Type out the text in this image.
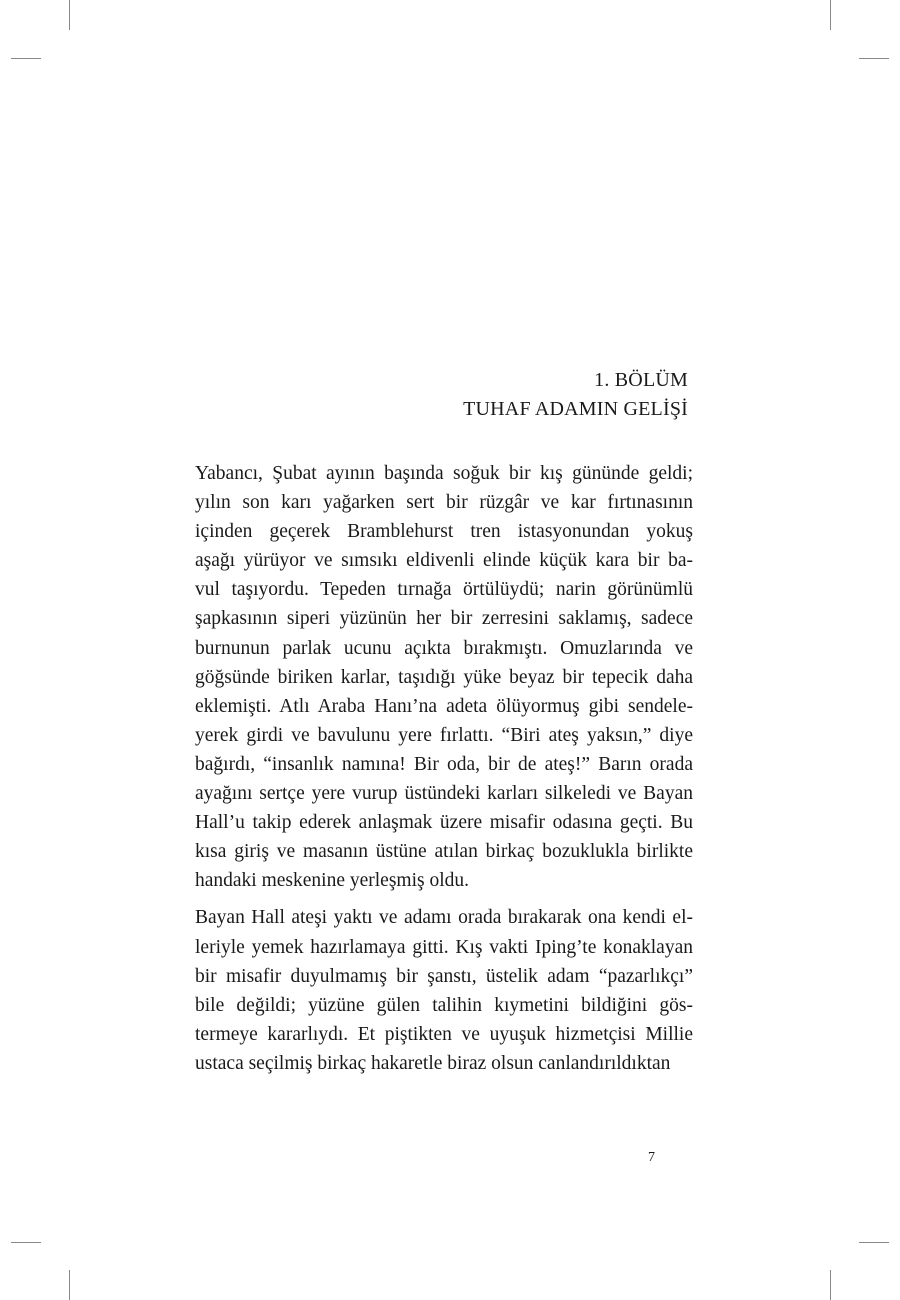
1. BÖLÜM
TUHAF ADAMIN GELİŞİ
Yabancı, Şubat ayının başında soğuk bir kış gününde geldi;
yılın son karı yağarken sert bir rüzgâr ve kar fırtınasının
içinden geçerek Bramblehurst tren istasyonundan yokuş
aşağı yürüyor ve sımsıkı eldivenli elinde küçük kara bir ba-
vul taşıyordu. Tepeden tırnağa örtülüydü; narin görünümlü
şapkasının siperi yüzünün her bir zerresini saklamış, sadece
burnunun parlak ucunu açıkta bırakmıştı. Omuzlarında ve
göğsünde biriken karlar, taşıdığı yüke beyaz bir tepecik daha
eklemişti. Atlı Araba Hanı’na adeta ölüyormuş gibi sendele-
yerek girdi ve bavulunu yere fırlattı. “Biri ateş yaksın,” diye
bağırdı, “insanlık namına! Bir oda, bir de ateş!” Barın orada
ayağını sertçe yere vurup üstündeki karları silkeledi ve Bayan
Hall’u takip ederek anlaşmak üzere misafir odasına geçti. Bu
kısa giriş ve masanın üstüne atılan birkaç bozuklukla birlikte
handaki meskenine yerleşmiş oldu.
Bayan Hall ateşi yaktı ve adamı orada bırakarak ona kendi el-
leriyle yemek hazırlamaya gitti. Kış vakti Iping’te konaklayan
bir misafir duyulmamış bir şanstı, üstelik adam “pazarlıkçı”
bile değildi; yüzüne gülen talihin kıymetini bildiğini gös-
termeye kararlıydı. Et piştikten ve uyuşuk hizmetçisi Millie
ustaca seçilmiş birkaç hakaretle biraz olsun canlandırıldıktan
7
